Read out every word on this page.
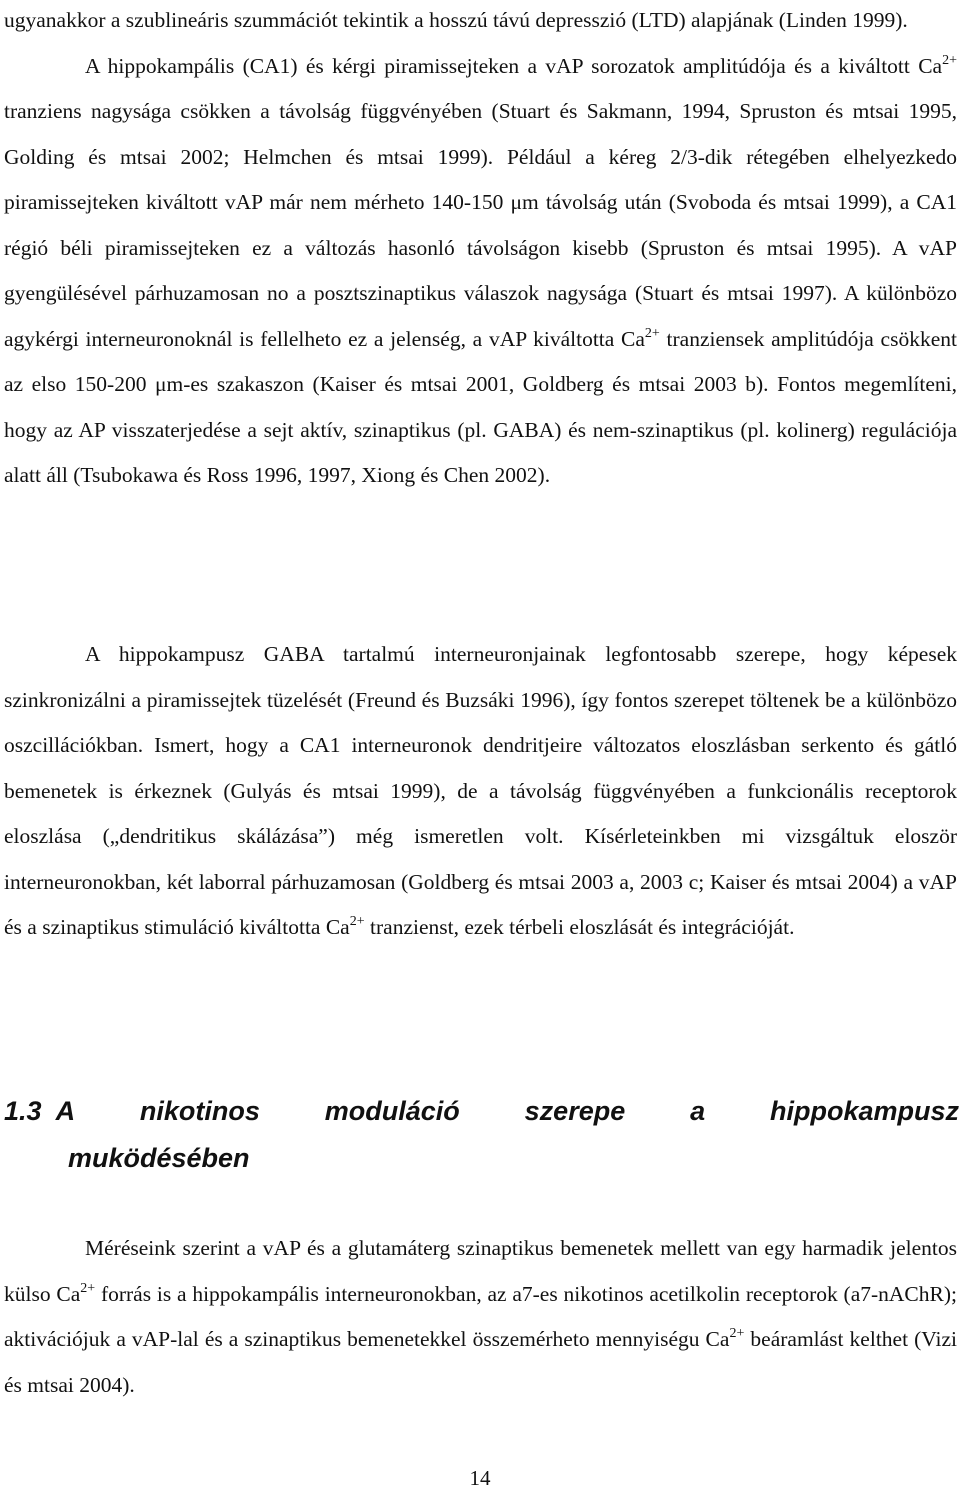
ugyanakkor a szublineáris szummációt tekintik a hosszú távú depresszió (LTD) alapjának (Linden 1999).
A hippokampális (CA1) és kérgi piramissejteken a vAP sorozatok amplitúdója és a kiváltott $Ca^{2+}$ tranziens nagysága csökken a távolság függvényében (Stuart és Sakmann, 1994, Spruston és mtsai 1995, Golding és mtsai 2002; Helmchen és mtsai 1999). Például a kéreg 2/3-dik rétegében elhelyezkedo piramissejteken kiváltott vAP már nem mérheto 140-150 μm távolság után (Svoboda és mtsai 1999), a CA1 régió béli piramissejteken ez a változás hasonló távolságon kisebb (Spruston és mtsai 1995). A vAP gyengülésével párhuzamosan no a posztszinaptikus válaszok nagysága (Stuart és mtsai 1997). A különbözo agykérgi interneuronoknál is fellelheto ez a jelenség, a vAP kiváltotta $Ca^{2+}$ tranziensek amplitúdója csökkent az elso 150-200 μm-es szakaszon (Kaiser és mtsai 2001, Goldberg és mtsai 2003 b). Fontos megemlíteni, hogy az AP visszaterjedése a sejt aktív, szinaptikus (pl. GABA) és nem-szinaptikus (pl. kolinerg) regulációja alatt áll (Tsubokawa és Ross 1996, 1997, Xiong és Chen 2002).

A hippokampusz GABA tartalmú interneuronjainak legfontosabb szerepe, hogy képesek szinkronizálni a piramissejtek tüzelését (Freund és Buzsáki 1996), így fontos szerepet töltenek be a különbözo oszcillációkban. Ismert, hogy a CA1 interneuronok dendritjeire változatos eloszlásban serkento és gátló bemenetek is érkeznek (Gulyás és mtsai 1999), de a távolság függvényében a funkcionális receptorok eloszlása („dendritikus skálázása”) még ismeretlen volt. Kísérleteinkben mi vizsgáltuk eloször interneuronokban, két laborral párhuzamosan (Goldberg és mtsai 2003 a, 2003 c; Kaiser és mtsai 2004) a vAP és a szinaptikus stimuláció kiváltotta $Ca^{2+}$ tranzienst, ezek térbeli eloszlását és integrációját.

1.3 A nikotinos moduláció szerepe a hippokampusz
muködésében

Méréseink szerint a vAP és a glutamáterg szinaptikus bemenetek mellett van egy harmadik jelentos külso $Ca^{2+}$ forrás is a hippokampális interneuronokban, az a7-es nikotinos acetilkolin receptorok (a7-nAChR); aktivációjuk a vAP-lal és a szinaptikus bemenetekkel összemérheto mennyiségu $Ca^{2+}$ beáramlást kelthet (Vizi és mtsai 2004).

14
